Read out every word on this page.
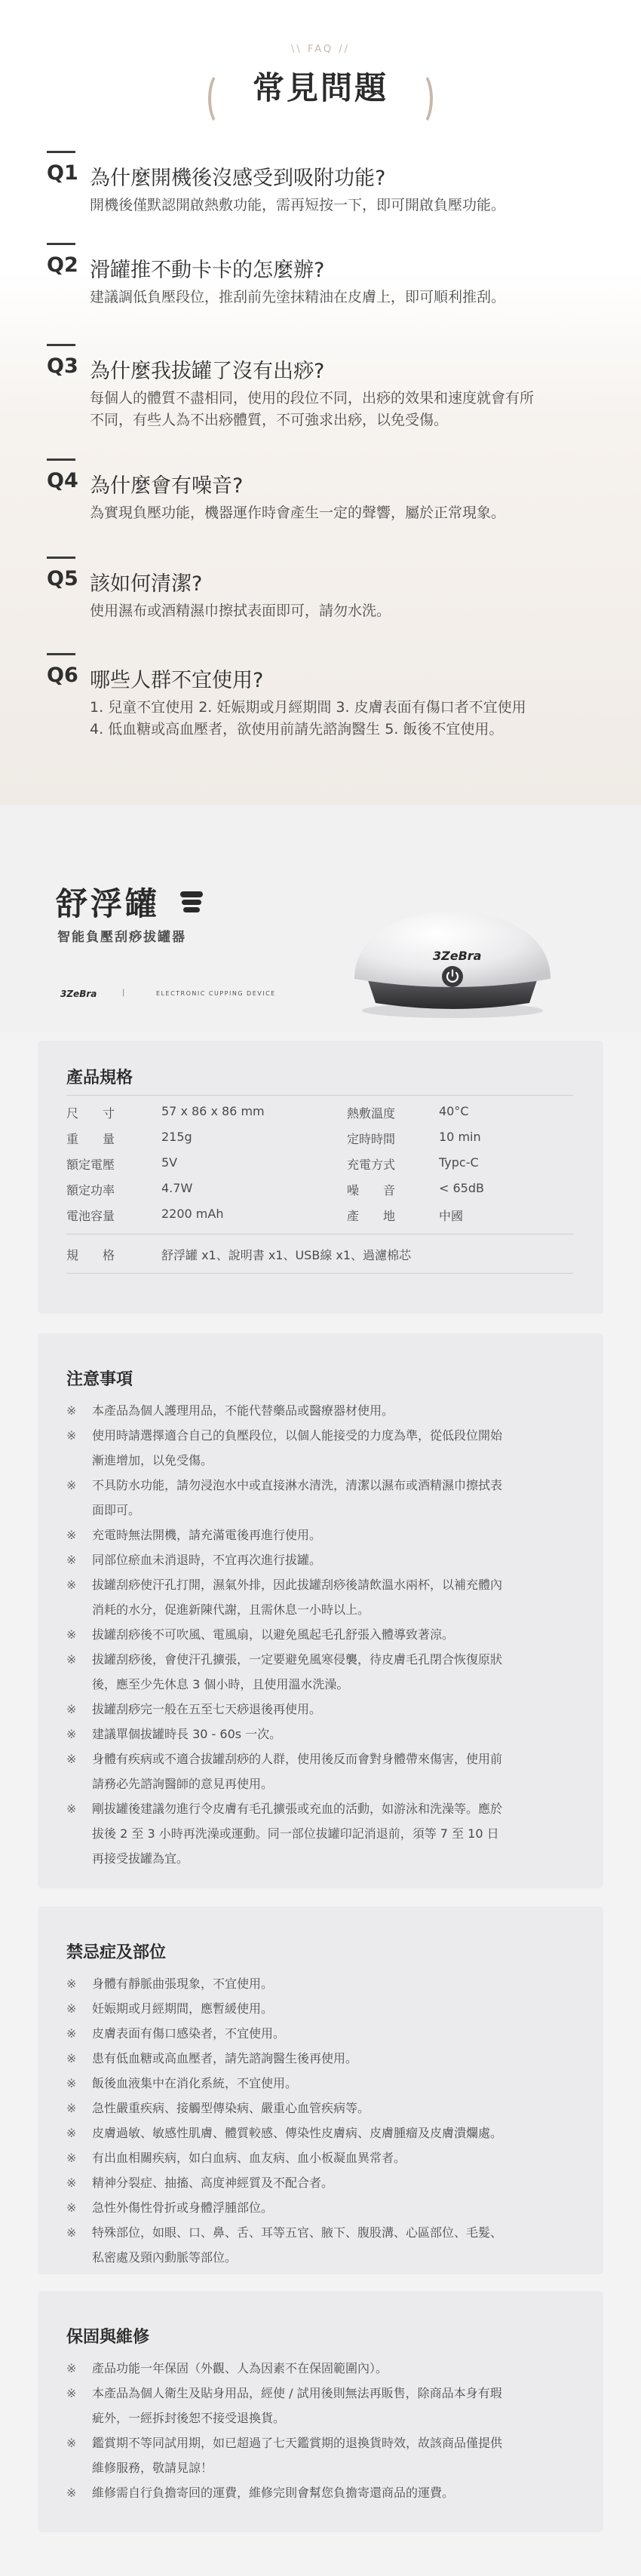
\\ FAQ //
常見問題
Q1 為什麼開機後沒感受到吸附功能?
開機後僅默認開啟熱敷功能，需再短按一下，即可開啟負壓功能。
Q2 滑罐推不動卡卡的怎麼辦?
建議調低負壓段位，推刮前先塗抹精油在皮膚上，即可順利推刮。
Q3 為什麼我拔罐了沒有出痧?
每個人的體質不盡相同，使用的段位不同，出痧的效果和速度就會有所
不同，有些人為不出痧體質，不可強求出痧，以免受傷。
Q4 為什麼會有噪音?
為實現負壓功能，機器運作時會產生一定的聲響，屬於正常現象。
Q5 該如何清潔?
使用濕布或酒精濕巾擦拭表面即可，請勿水洗。
Q6 哪些人群不宜使用?
1. 兒童不宜使用 2. 妊娠期或月經期間 3. 皮膚表面有傷口者不宜使用
4. 低血糖或高血壓者，欲使用前請先諮詢醫生 5. 飯後不宜使用。
舒浮罐
智能負壓刮痧拔罐器
3ZeBra	|	ELECTRONIC CUPPING DEVICE
3ZeBra
產品規格
尺　　寸	57 x 86 x 86 mm	熱敷溫度	40°C
重　　量	215g	定時時間	10 min
額定電壓	5V	充電方式	Typc-C
額定功率	4.7W	噪　　音	< 65dB
電池容量	2200 mAh	產　　地	中國
規　　格	舒浮罐 x1、說明書 x1、USB線 x1、過濾棉芯
注意事項
※	本產品為個人護理用品，不能代替藥品或醫療器材使用。
※	使用時請選擇適合自己的負壓段位，以個人能接受的力度為準，從低段位開始
漸進增加，以免受傷。
※	不具防水功能，請勿浸泡水中或直接淋水清洗，清潔以濕布或酒精濕巾擦拭表
面即可。
※	充電時無法開機，請充滿電後再進行使用。
※	同部位瘀血未消退時，不宜再次進行拔罐。
※	拔罐刮痧使汗孔打開，濕氣外排，因此拔罐刮痧後請飲溫水兩杯，以補充體內
消耗的水分，促進新陳代謝，且需休息一小時以上。
※	拔罐刮痧後不可吹風、電風扇，以避免風起毛孔舒張入體導致著涼。
※	拔罐刮痧後，會使汗孔擴張，一定要避免風寒侵襲，待皮膚毛孔閉合恢復原狀
後，應至少先休息 3 個小時，且使用溫水洗澡。
※	拔罐刮痧完一般在五至七天痧退後再使用。
※	建議單個拔罐時長 30 - 60s 一次。
※	身體有疾病或不適合拔罐刮痧的人群，使用後反而會對身體帶來傷害，使用前
請務必先諮詢醫師的意見再使用。
※	剛拔罐後建議勿進行令皮膚有毛孔擴張或充血的活動，如游泳和洗澡等。應於
拔後 2 至 3 小時再洗澡或運動。同一部位拔罐印記消退前，須等 7 至 10 日
再接受拔罐為宜。
禁忌症及部位
※	身體有靜脈曲張現象，不宜使用。
※	妊娠期或月經期間，應暫緩使用。
※	皮膚表面有傷口感染者，不宜使用。
※	患有低血糖或高血壓者，請先諮詢醫生後再使用。
※	飯後血液集中在消化系統，不宜使用。
※	急性嚴重疾病、接觸型傳染病、嚴重心血管疾病等。
※	皮膚過敏、敏感性肌膚、體質較感、傳染性皮膚病、皮膚腫瘤及皮膚潰爛處。
※	有出血相關疾病，如白血病、血友病、血小板凝血異常者。
※	精神分裂症、抽搐、高度神經質及不配合者。
※	急性外傷性骨折或身體浮腫部位。
※	特殊部位，如眼、口、鼻、舌、耳等五官、腋下、腹股溝、心區部位、毛髮、
私密處及頸內動脈等部位。
保固與維修
※	產品功能一年保固（外觀、人為因素不在保固範圍內）。
※	本產品為個人衛生及貼身用品，經使 / 試用後則無法再販售，除商品本身有瑕
疵外，一經拆封後恕不接受退換貨。
※	鑑賞期不等同試用期，如已超過了七天鑑賞期的退換貨時效，故該商品僅提供
維修服務，敬請見諒！
※	維修需自行負擔寄回的運費，維修完則會幫您負擔寄還商品的運費。
